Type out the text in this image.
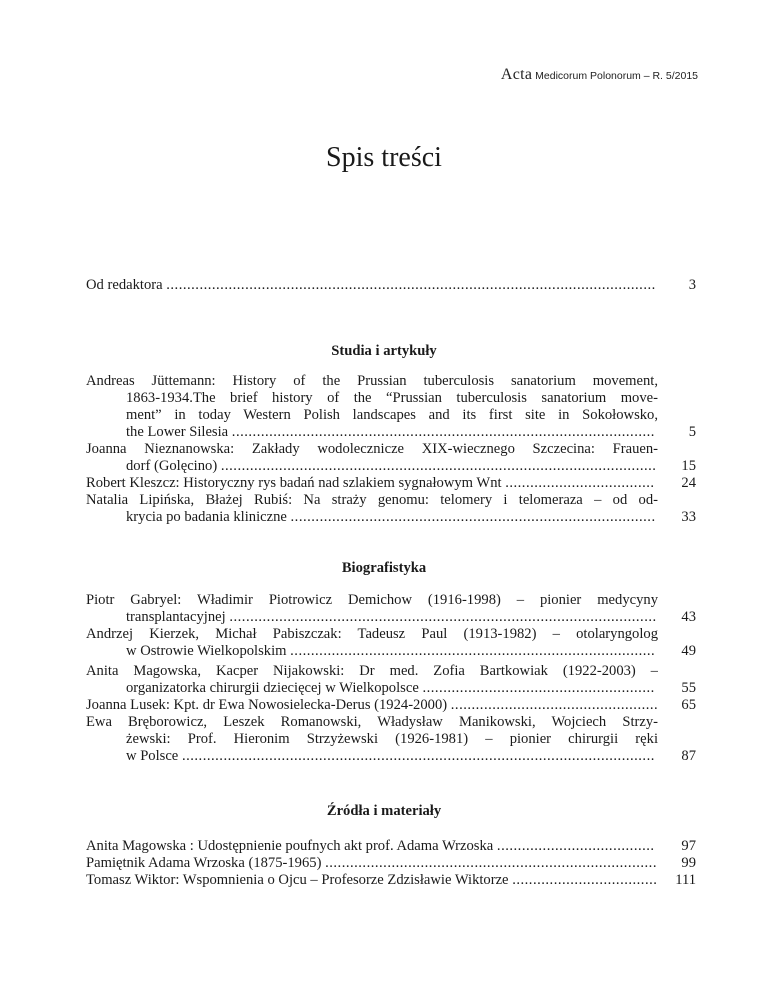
Acta Medicorum Polonorum – R. 5/2015
Spis treści
Od redaktora ......................................................................................................................	3
Studia i artykuły
Andreas Jüttemann: History of the Prussian tuberculosis sanatorium movement,
1863-1934.The brief history of the “Prussian tuberculosis sanatorium move-
ment” in today Western Polish landscapes and its first site in Sokołowsko,
the Lower Silesia ......................................................................................................	5
Joanna Nieznanowska: Zakłady wodolecznicze XIX-wiecznego Szczecina: Frauen-
dorf (Golęcino) .........................................................................................................	15
Robert Kleszcz: Historyczny rys badań nad szlakiem sygnałowym Wnt ....................................	24
Natalia Lipińska, Błażej Rubiś: Na straży genomu: telomery i telomeraza – od od-
krycia po badania kliniczne ........................................................................................	33
Biografistyka
Piotr Gabryel: Władimir Piotrowicz Demichow (1916-1998) – pionier medycyny
transplantacyjnej .......................................................................................................	43
Andrzej Kierzek, Michał Pabiszczak: Tadeusz Paul (1913-1982) – otolaryngolog
w Ostrowie Wielkopolskim ........................................................................................	49
Anita Magowska, Kacper Nijakowski: Dr med. Zofia Bartkowiak (1922-2003) –
organizatorka chirurgii dziecięcej w Wielkopolsce ........................................................	55
Joanna Lusek: Kpt. dr Ewa Nowosielecka-Derus (1924-2000) ..................................................	65
Ewa Bręborowicz, Leszek Romanowski, Władysław Manikowski, Wojciech Strzy-
żewski: Prof. Hieronim Strzyżewski (1926-1981) – pionier chirurgii ręki
w Polsce ..................................................................................................................	87
Źródła i materiały
Anita Magowska : Udostępnienie poufnych akt prof. Adama Wrzoska ......................................	97
Pamiętnik Adama Wrzoska (1875-1965) ................................................................................	99
Tomasz Wiktor: Wspomnienia o Ojcu – Profesorze Zdzisławie Wiktorze ...................................	111
